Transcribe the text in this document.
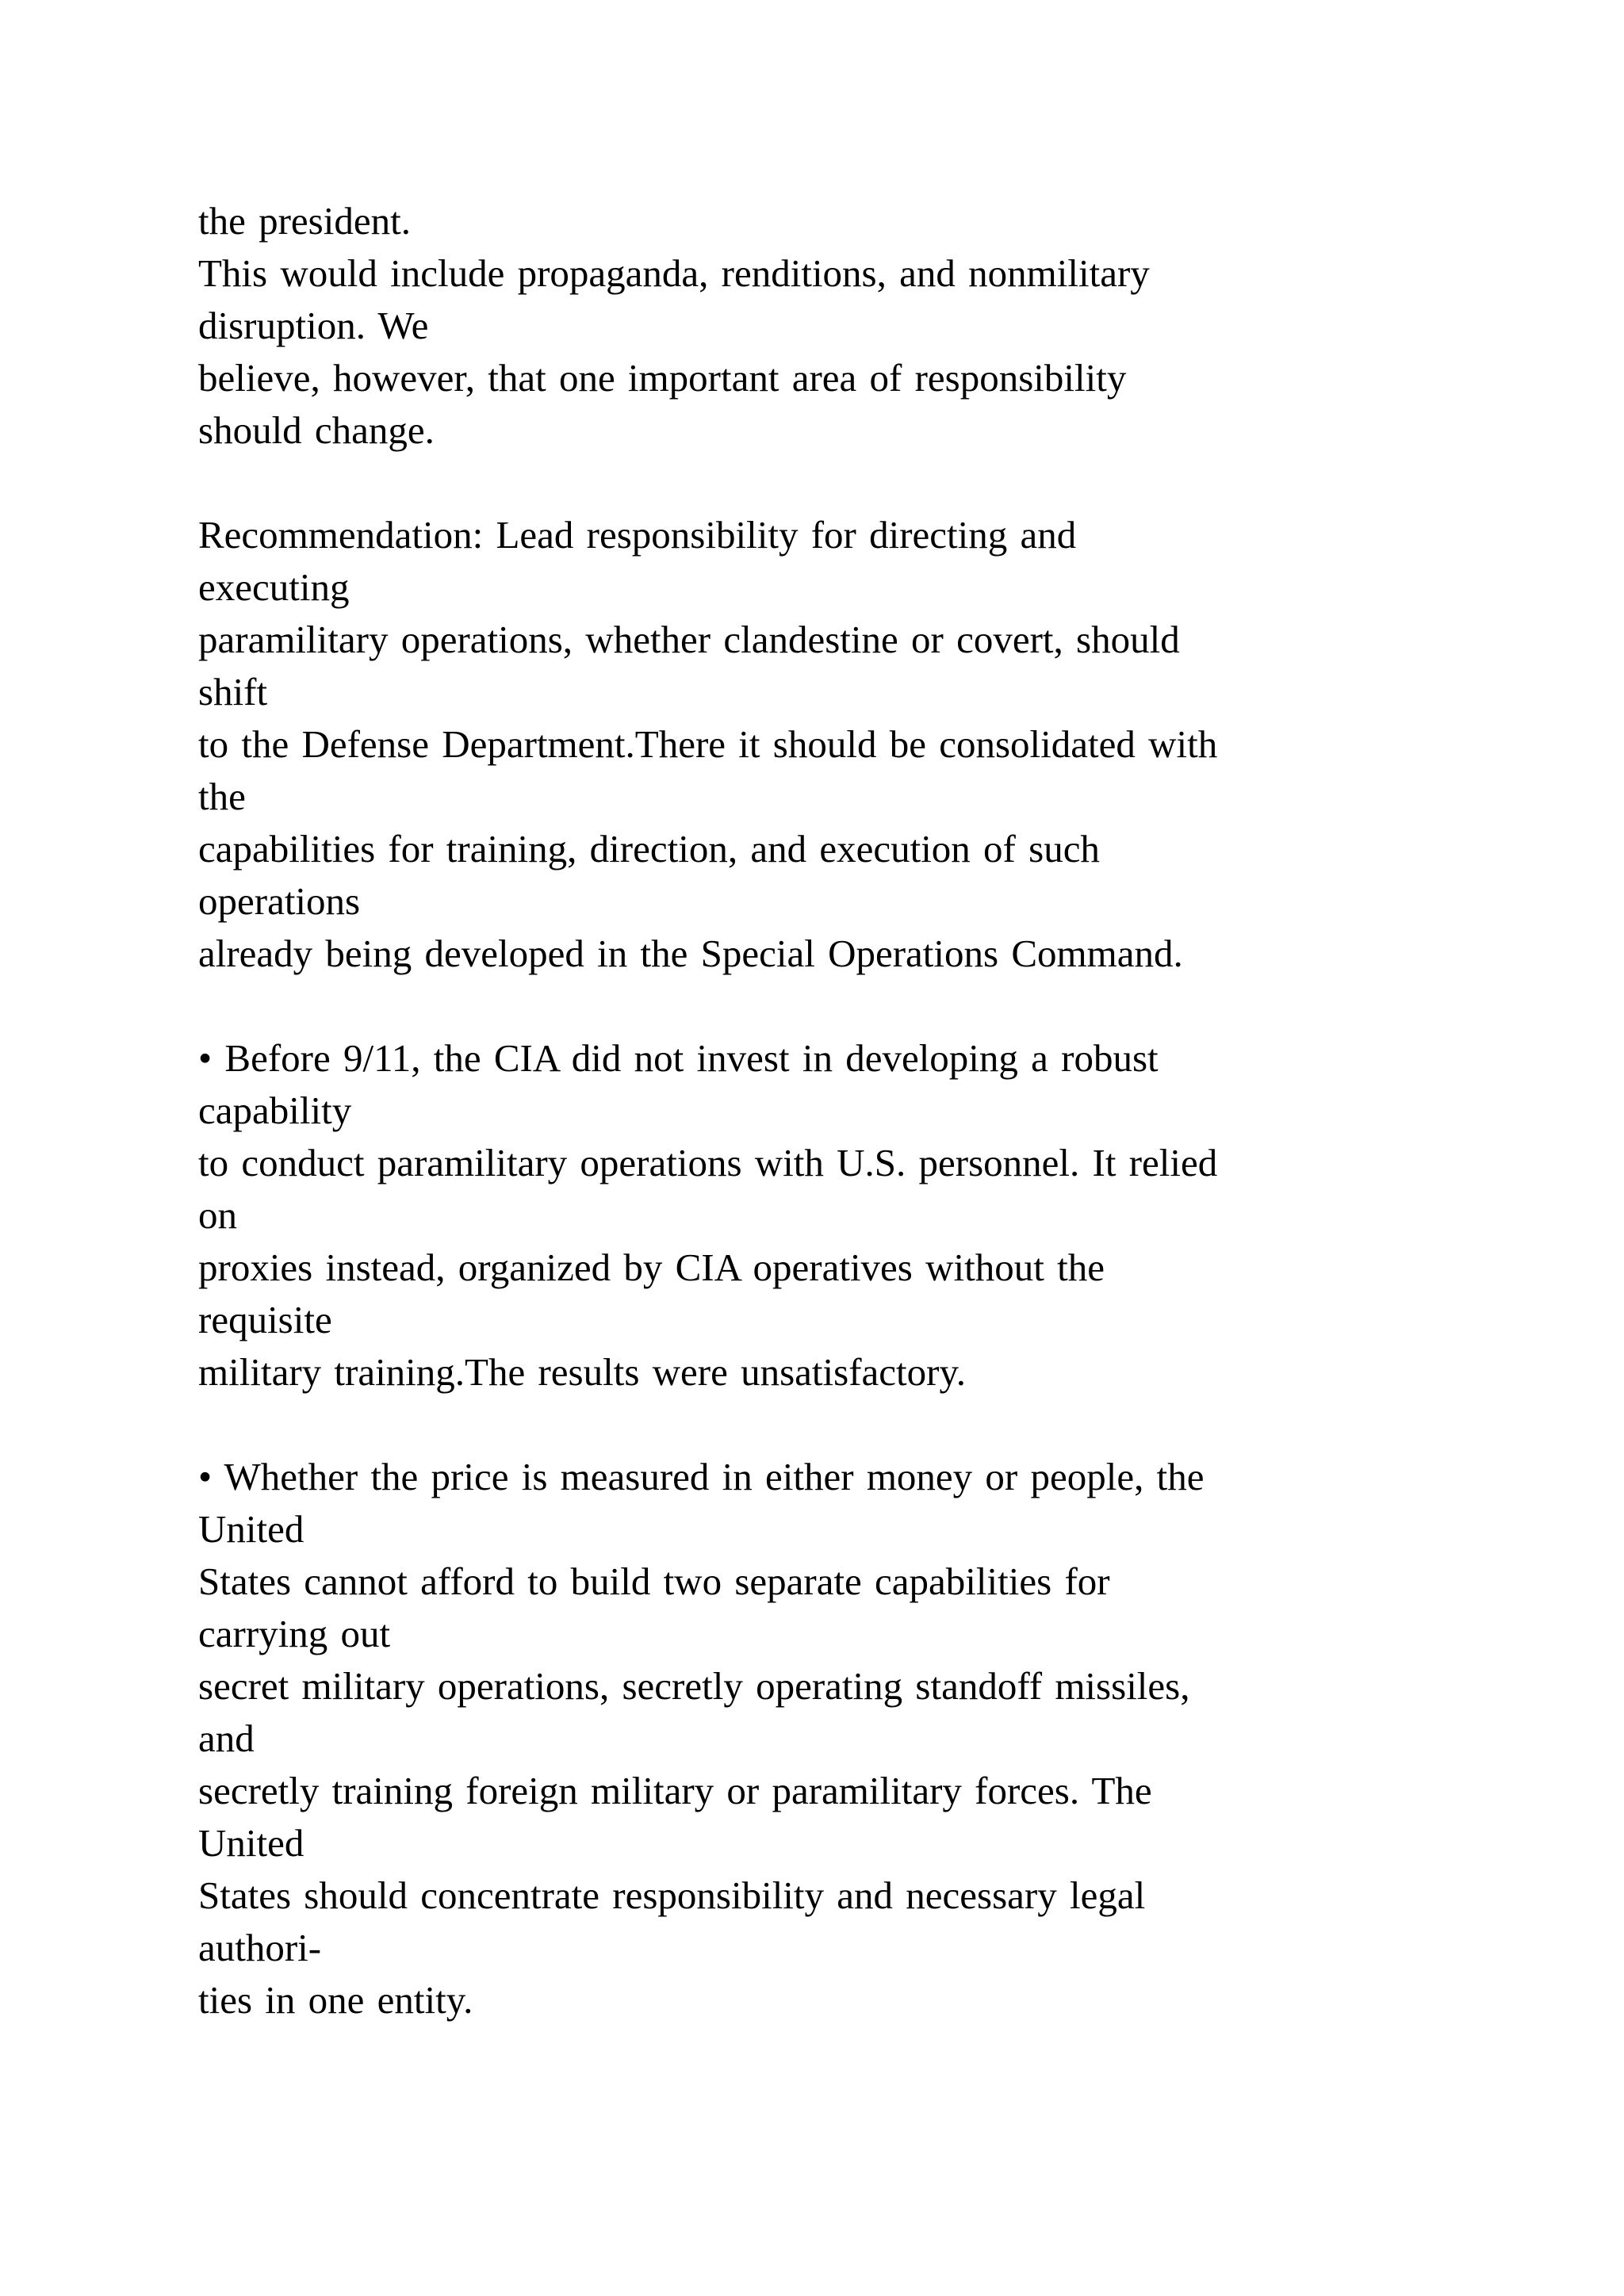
the president.
This would include propaganda, renditions, and nonmilitary
disruption. We
believe, however, that one important area of responsibility
should change.
Recommendation: Lead responsibility for directing and
executing
paramilitary operations, whether clandestine or covert, should
shift
to the Defense Department.There it should be consolidated with
the
capabilities for training, direction, and execution of such
operations
already being developed in the Special Operations Command.
• Before 9/11, the CIA did not invest in developing a robust
capability
to conduct paramilitary operations with U.S. personnel. It relied
on
proxies instead, organized by CIA operatives without the
requisite
military training.The results were unsatisfactory.
• Whether the price is measured in either money or people, the
United
States cannot afford to build two separate capabilities for
carrying out
secret military operations, secretly operating standoff missiles,
and
secretly training foreign military or paramilitary forces. The
United
States should concentrate responsibility and necessary legal
authori-
ties in one entity.
